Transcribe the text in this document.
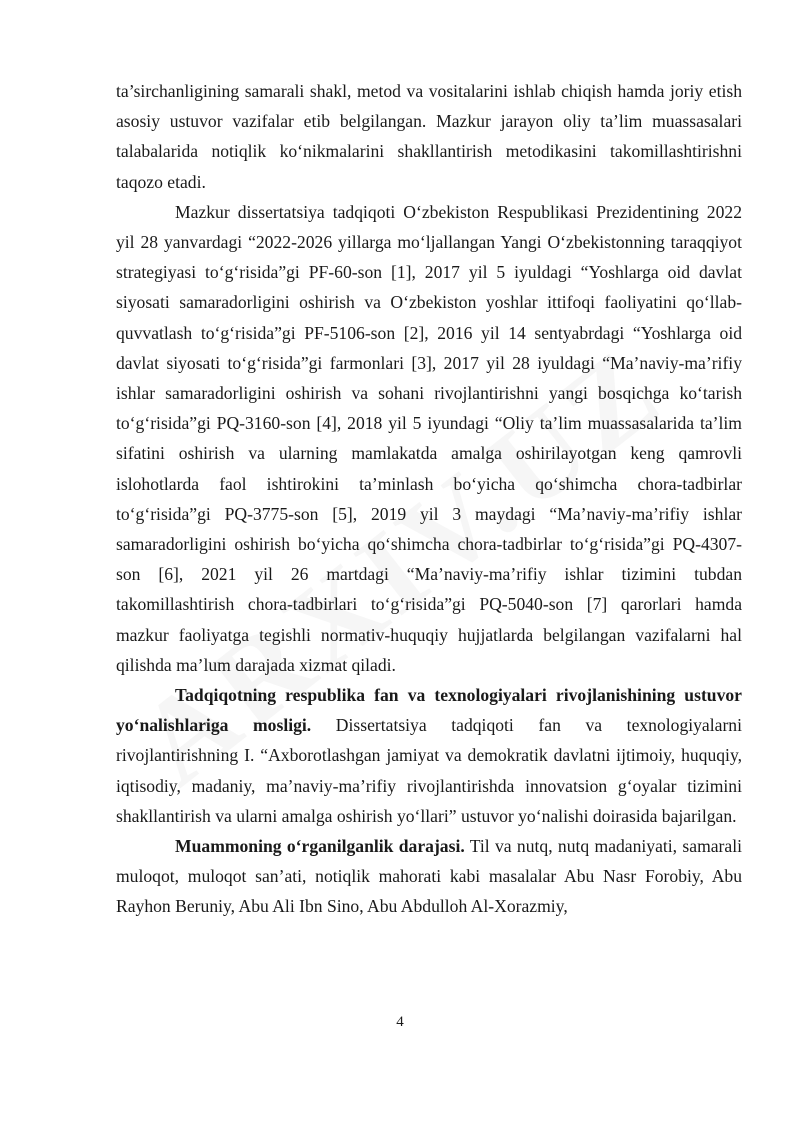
ta’sirchanligining samarali shakl, metod va vositalarini ishlab chiqish hamda joriy etish asosiy ustuvor vazifalar etib belgilangan. Mazkur jarayon oliy ta’lim muassasalari talabalarida notiqlik ko‘nikmalarini shakllantirish metodikasini takomillashtirishni taqozo etadi.

Mazkur dissertatsiya tadqiqoti O‘zbekiston Respublikasi Prezidentining 2022 yil 28 yanvardagi “2022-2026 yillarga mo‘ljallangan Yangi O‘zbekistonning taraqqiyot strategiyasi to‘g‘risida”gi PF-60-son [1], 2017 yil 5 iyuldagi “Yoshlarga oid davlat siyosati samaradorligini oshirish va O‘zbekiston yoshlar ittifoqi faoliyatini qo‘llab-quvvatlash to‘g‘risida”gi PF-5106-son [2], 2016 yil 14 sentyabrdagi “Yoshlarga oid davlat siyosati to‘g‘risida”gi farmonlari [3], 2017 yil 28 iyuldagi “Ma’naviy-ma’rifiy ishlar samaradorligini oshirish va sohani rivojlantirishni yangi bosqichga ko‘tarish to‘g‘risida”gi PQ-3160-son [4], 2018 yil 5 iyundagi “Oliy ta’lim muassasalarida ta’lim sifatini oshirish va ularning mamlakatda amalga oshirilayotgan keng qamrovli islohotlarda faol ishtirokini ta’minlash bo‘yicha qo‘shimcha chora-tadbirlar to‘g‘risida”gi PQ-3775-son [5], 2019 yil 3 maydagi “Ma’naviy-ma’rifiy ishlar samaradorligini oshirish bo‘yicha qo‘shimcha chora-tadbirlar to‘g‘risida”gi PQ-4307-son [6], 2021 yil 26 martdagi “Ma’naviy-ma’rifiy ishlar tizimini tubdan takomillashtirish chora-tadbirlari to‘g‘risida”gi PQ-5040-son [7] qarorlari hamda mazkur faoliyatga tegishli normativ-huquqiy hujjatlarda belgilangan vazifalarni hal qilishda ma’lum darajada xizmat qiladi.

Tadqiqotning respublika fan va texnologiyalari rivojlanishining ustuvor yo‘nalishlariga mosligi. Dissertatsiya tadqiqoti fan va texnologiyalarni rivojlantirishning I. “Axborotlashgan jamiyat va demokratik davlatni ijtimoiy, huquqiy, iqtisodiy, madaniy, ma’naviy-ma’rifiy rivojlantirishda innovatsion g‘oyalar tizimini shakllantirish va ularni amalga oshirish yo‘llari” ustuvor yo‘nalishi doirasida bajarilgan.

Muammoning o‘rganilganlik darajasi. Til va nutq, nutq madaniyati, samarali muloqot, muloqot san’ati, notiqlik mahorati kabi masalalar Abu Nasr Forobiy, Abu Rayhon Beruniy, Abu Ali Ibn Sino, Abu Abdulloh Al-Xorazmiy,

4
